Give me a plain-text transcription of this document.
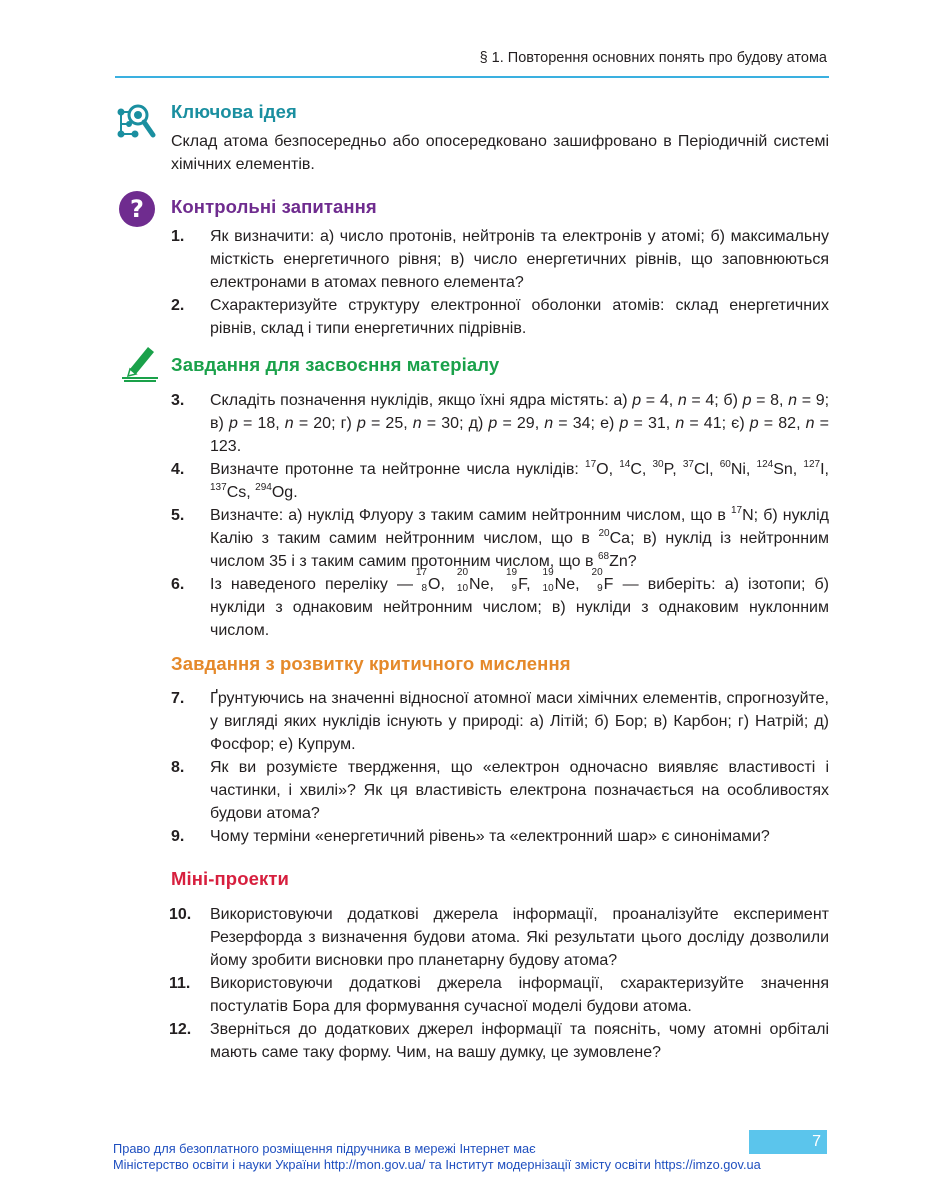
§ 1. Повторення основних понять про будову атома
Ключова ідея
Склад атома безпосередньо або опосередковано зашифровано в Періодичній системі хімічних елементів.
? Контрольні запитання
1. Як визначити: а) число протонів, нейтронів та електронів у атомі; б) максимальну місткість енергетичного рівня; в) число енергетичних рівнів, що заповнюються електронами в атомах певного елемента?
2. Схарактеризуйте структуру електронної оболонки атомів: склад енергетичних рівнів, склад і типи енергетичних підрівнів.
Завдання для засвоєння матеріалу
3. Складіть позначення нуклідів, якщо їхні ядра містять: а) p = 4, n = 4; б) p = 8, n = 9; в) p = 18, n = 20; г) p = 25, n = 30; д) p = 29, n = 34; е) p = 31, n = 41; є) p = 82, n = 123.
4. Визначте протонне та нейтронне числа нуклідів: $^{17}$O, $^{14}$C, $^{30}$P, $^{37}$Cl, $^{60}$Ni, $^{124}$Sn, $^{127}$I, $^{137}$Cs, $^{294}$Og.
5. Визначте: а) нуклід Флуору з таким самим нейтронним числом, що в $^{17}$N; б) нуклід Калію з таким самим нейтронним числом, що в $^{20}$Ca; в) нуклід із нейтронним числом 35 і з таким самим протонним числом, що в $^{68}$Zn?
6. Із наведеного переліку —
17
8 O,
20
10 Ne,
19
9 F,
19
10 Ne,
20
9 F — виберіть: а) ізотопи; б) нукліди з однаковим нейтронним числом; в) нукліди з однаковим нуклонним числом.
Завдання з розвитку критичного мислення
7. Ґрунтуючись на значенні відносної атомної маси хімічних елементів, спрогнозуйте, у вигляді яких нуклідів існують у природі: а) Літій; б) Бор; в) Карбон; г) Натрій; д) Фосфор; е) Купрум.
8. Як ви розумієте твердження, що «електрон одночасно виявляє властивості і частинки, і хвилі»? Як ця властивість електрона позначається на особливостях будови атома?
9. Чому терміни «енергетичний рівень» та «електронний шар» є синонімами?
Міні-проекти
10. Використовуючи додаткові джерела інформації, проаналізуйте експеримент Резерфорда з визначення будови атома. Які результати цього досліду дозволили йому зробити висновки про планетарну будову атома?
11. Використовуючи додаткові джерела інформації, схарактеризуйте значення постулатів Бора для формування сучасної моделі будови атома.
12. Зверніться до додаткових джерел інформації та поясніть, чому атомні орбіталі мають саме таку форму. Чим, на вашу думку, це зумовлене?
7
Право для безоплатного розміщення підручника в мережі Інтернет має
Міністерство освіти і науки України http://mon.gov.ua/ та Інститут модернізації змісту освіти https://imzo.gov.ua
